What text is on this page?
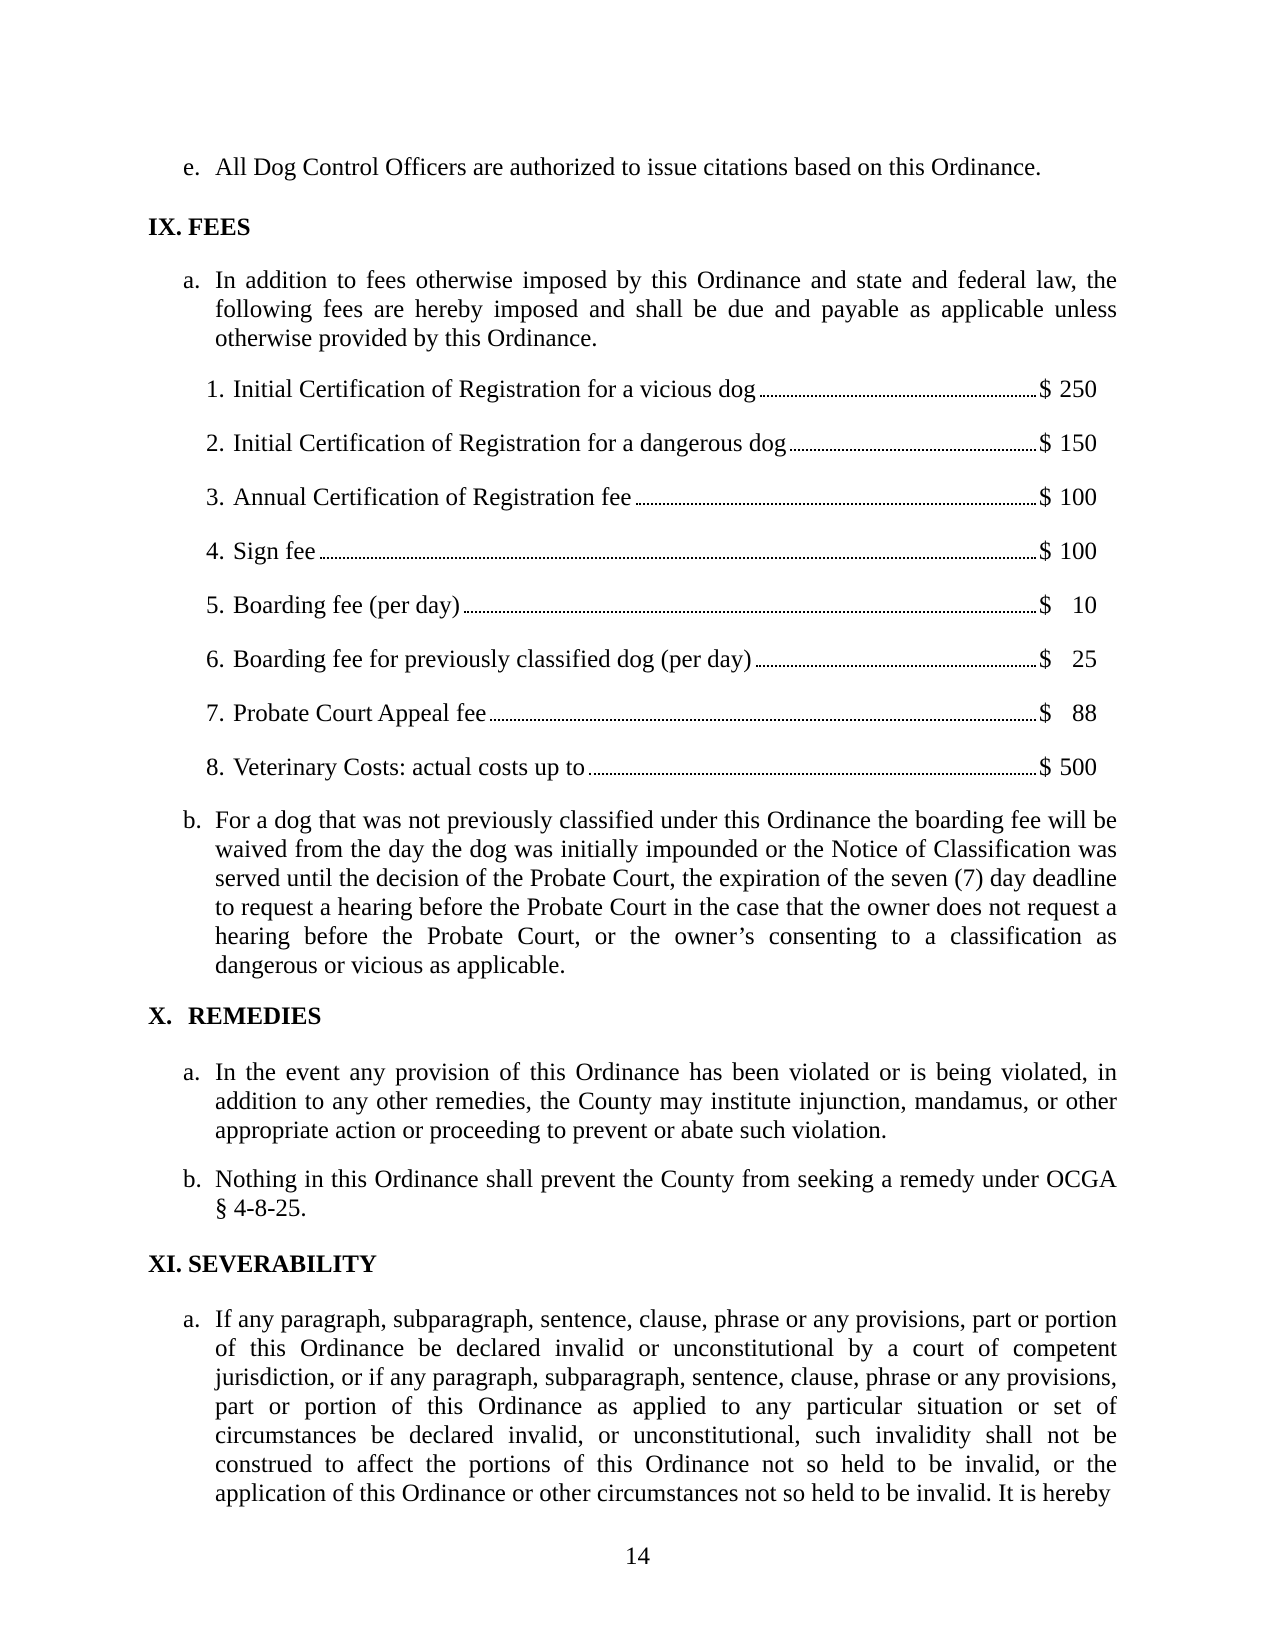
e. All Dog Control Officers are authorized to issue citations based on this Ordinance.
IX. FEES
a. In addition to fees otherwise imposed by this Ordinance and state and federal law, the following fees are hereby imposed and shall be due and payable as applicable unless otherwise provided by this Ordinance.
1. Initial Certification of Registration for a vicious dog	$ 250
2. Initial Certification of Registration for a dangerous dog	$ 150
3. Annual Certification of Registration fee	$ 100
4. Sign fee	$ 100
5. Boarding fee (per day)	$ 10
6. Boarding fee for previously classified dog (per day)	$ 25
7. Probate Court Appeal fee	$ 88
8. Veterinary Costs: actual costs up to	$ 500
b. For a dog that was not previously classified under this Ordinance the boarding fee will be waived from the day the dog was initially impounded or the Notice of Classification was served until the decision of the Probate Court, the expiration of the seven (7) day deadline to request a hearing before the Probate Court in the case that the owner does not request a hearing before the Probate Court, or the owner’s consenting to a classification as dangerous or vicious as applicable.
X. REMEDIES
a. In the event any provision of this Ordinance has been violated or is being violated, in addition to any other remedies, the County may institute injunction, mandamus, or other appropriate action or proceeding to prevent or abate such violation.
b. Nothing in this Ordinance shall prevent the County from seeking a remedy under OCGA § 4-8-25.
XI. SEVERABILITY
a. If any paragraph, subparagraph, sentence, clause, phrase or any provisions, part or portion of this Ordinance be declared invalid or unconstitutional by a court of competent jurisdiction, or if any paragraph, subparagraph, sentence, clause, phrase or any provisions, part or portion of this Ordinance as applied to any particular situation or set of circumstances be declared invalid, or unconstitutional, such invalidity shall not be construed to affect the portions of this Ordinance not so held to be invalid, or the application of this Ordinance or other circumstances not so held to be invalid. It is hereby
14
